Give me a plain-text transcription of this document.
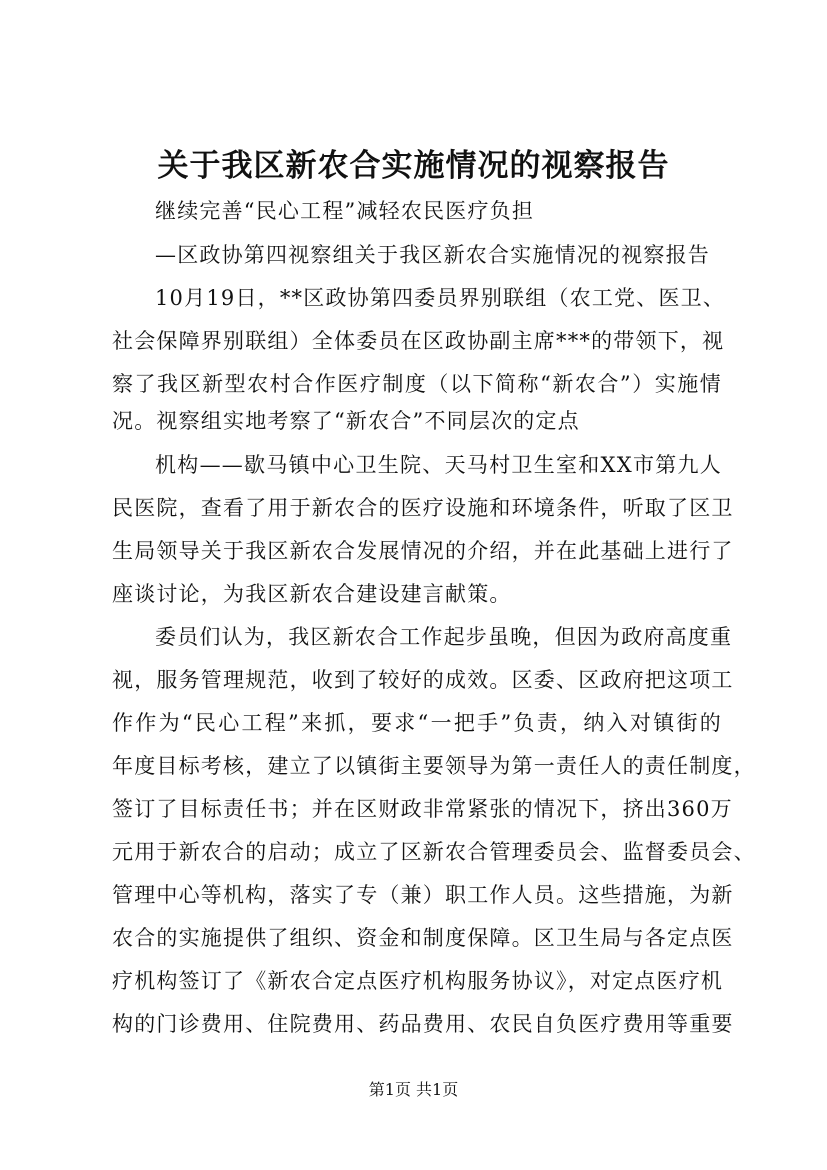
关于我区新农合实施情况的视察报告

继续完善“民心工程”减轻农民医疗负担

—区政协第四视察组关于我区新农合实施情况的视察报告

10月19日，**区政协第四委员界别联组（农工党、医卫、

社会保障界别联组）全体委员在区政协副主席***的带领下，视

察了我区新型农村合作医疗制度（以下简称“新农合”）实施情

况。视察组实地考察了“新农合”不同层次的定点

机构——歇马镇中心卫生院、天马村卫生室和XX市第九人

民医院，查看了用于新农合的医疗设施和环境条件，听取了区卫

生局领导关于我区新农合发展情况的介绍，并在此基础上进行了

座谈讨论，为我区新农合建设建言献策。

委员们认为，我区新农合工作起步虽晚，但因为政府高度重

视，服务管理规范，收到了较好的成效。区委、区政府把这项工

作作为“民心工程”来抓，要求“一把手”负责，纳入对镇街的

年度目标考核，建立了以镇街主要领导为第一责任人的责任制度，

签订了目标责任书；并在区财政非常紧张的情况下，挤出360万

元用于新农合的启动；成立了区新农合管理委员会、监督委员会、

管理中心等机构，落实了专（兼）职工作人员。这些措施，为新

农合的实施提供了组织、资金和制度保障。区卫生局与各定点医

疗机构签订了《新农合定点医疗机构服务协议》，对定点医疗机

构的门诊费用、住院费用、药品费用、农民自负医疗费用等重要

第1页 共1页
